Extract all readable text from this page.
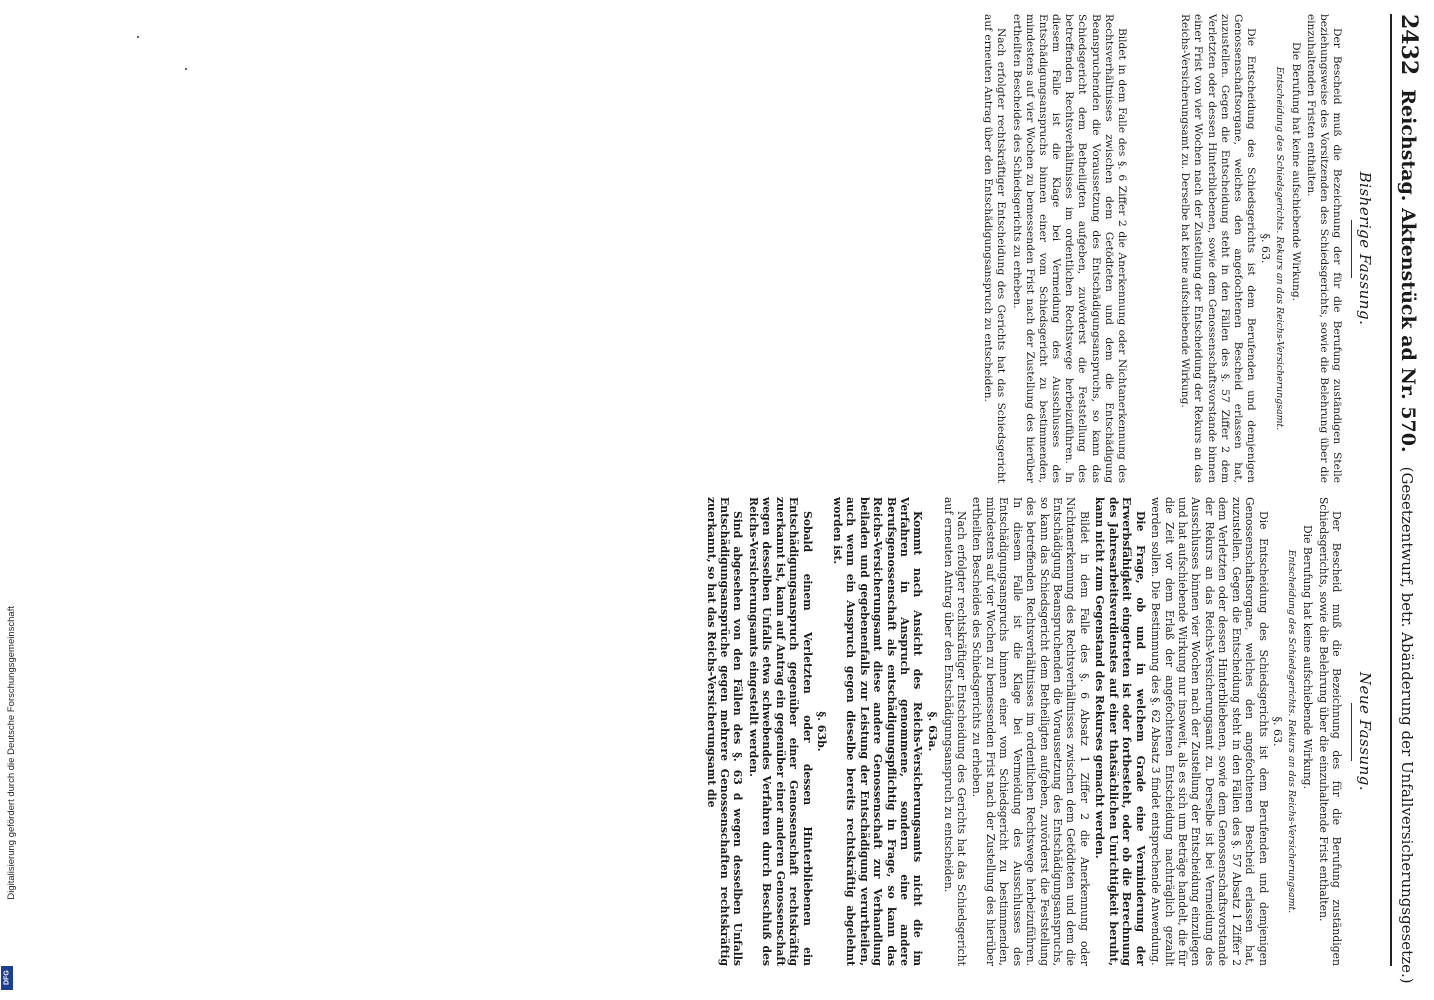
2432
Reichstag. Aktenstück ad Nr. 570.
(Gesetzentwurf, betr. Abänderung der Unfallversicherungsgesetze.)
Bisherige Fassung.

Der Bescheid muß die Bezeichnung der für die Berufung zuständigen Stelle beziehungsweise des Vorsitzenden des Schiedsgerichts, sowie die Belehrung über die einzuhaltenden Fristen enthalten.

Die Berufung hat keine aufschiebende Wirkung.

Entscheidung des Schiedsgerichts. Rekurs an das Reichs-Versicherungsamt.
§. 63.

Die Entscheidung des Schiedsgerichts ist dem Berufenden und demjenigen Genossenschaftsorgane, welches den angefochtenen Bescheid erlassen hat, zuzustellen. Gegen die Entscheidung steht in den Fällen des §. 57 Ziffer 2 dem Verletzten oder dessen Hinterbliebenen, sowie dem Genossenschaftsvorstande binnen einer Frist von vier Wochen nach der Zustellung der Entscheidung der Rekurs an das Reichs-Versicherungsamt zu. Derselbe hat keine aufschiebende Wirkung.

Bildet in dem Falle des §. 6 Ziffer 2 die Anerkennung oder Nichtanerkennung des Rechtsverhältnisses zwischen dem Getödteten und dem die Entschädigung Beanspruchenden die Voraussetzung des Entschädigungsanspruchs, so kann das Schiedsgericht dem Betheiligten aufgeben, zuvörderst die Feststellung des betreffenden Rechtsverhältnisses im ordentlichen Rechtswege herbeizuführen. In diesem Falle ist die Klage bei Vermeidung des Ausschlusses des Entschädigungsanspruchs binnen einer vom Schiedsgericht zu bestimmenden, mindestens auf vier Wochen zu bemessenden Frist nach der Zustellung des hierüber ertheilten Bescheides des Schiedsgerichts zu erheben.

Nach erfolgter rechtskräftiger Entscheidung des Gerichts hat das Schiedsgericht auf erneuten Antrag über den Entschädigungsanspruch zu entscheiden.

Neue Fassung.

Der Bescheid muß die Bezeichnung des für die Berufung zuständigen Schiedsgerichts, sowie die Belehrung über die einzuhaltende Frist enthalten.

Die Berufung hat keine aufschiebende Wirkung.

Entscheidung des Schiedsgerichts. Rekurs an das Reichs-Versicherungsamt.
§. 63.

Die Entscheidung des Schiedsgerichts ist dem Berufenden und demjenigen Genossenschaftsorgane, welches den angefochtenen Bescheid erlassen hat, zuzustellen. Gegen die Entscheidung steht in den Fällen des §. 57 Absatz 1 Ziffer 2 dem Verletzten oder dessen Hinterbliebenen, sowie dem Genossenschaftsvorstande der Rekurs an das Reichs-Versicherungsamt zu. Derselbe ist bei Vermeidung des Ausschlusses binnen vier Wochen nach der Zustellung der Entscheidung einzulegen und hat aufschiebende Wirkung nur insoweit, als es sich um Beträge handelt, die für die Zeit vor dem Erlaß der angefochtenen Entscheidung nachträglich gezahlt werden sollen. Die Bestimmung des §. 62 Absatz 3 findet entsprechende Anwendung.

Die Frage, ob und in welchem Grade eine Verminderung der Erwerbsfähigkeit eingetreten ist oder fortbesteht, oder ob die Berechnung des Jahresarbeitsverdienstes auf einer thatsächlichen Unrichtigkeit beruht, kann nicht zum Gegenstand des Rekurses gemacht werden.

Bildet in dem Falle des §. 6 Absatz 1 Ziffer 2 die Anerkennung oder Nichtanerkennung des Rechtsverhältnisses zwischen dem Getödteten und dem die Entschädigung Beanspruchenden die Voraussetzung des Entschädigungsanspruchs, so kann das Schiedsgericht dem Betheiligten aufgeben, zuvörderst die Feststellung des betreffenden Rechtsverhältnisses im ordentlichen Rechtswege herbeizuführen. In diesem Falle ist die Klage bei Vermeidung des Ausschlusses des Entschädigungsanspruchs binnen einer vom Schiedsgericht zu bestimmenden, mindestens auf vier Wochen zu bemessenden Frist nach der Zustellung des hierüber ertheilten Bescheides des Schiedsgerichts zu erheben.

Nach erfolgter rechtskräftiger Entscheidung des Gerichts hat das Schiedsgericht auf erneuten Antrag über den Entschädigungsanspruch zu entscheiden.

§. 63a.

Kommt nach Ansicht des Reichs-Versicherungsamts nicht die im Verfahren in Anspruch genommene, sondern eine andere Berufsgenossenschaft als entschädigungspflichtig in Frage, so kann das Reichs-Versicherungsamt diese andere Genossenschaft zur Verhandlung beiladen und gegebenenfalls zur Leistung der Entschädigung verurtheilen, auch wenn ein Anspruch gegen dieselbe bereits rechtskräftig abgelehnt worden ist.

§. 63b.

Sobald einem Verletzten oder dessen Hinterbliebenen ein Entschädigungsanspruch gegenüber einer Genossenschaft rechtskräftig zuerkannt ist, kann auf Antrag ein gegenüber einer anderen Genossenschaft wegen desselben Unfalls etwa schwebendes Verfahren durch Beschluß des Reichs-Versicherungsamts eingestellt werden.

Sind abgesehen von den Fällen des §. 63 d wegen desselben Unfalls Entschädigungsansprüche gegen mehrere Genossenschaften rechtskräftig zuerkannt, so hat das Reichs-Versicherungsamt die

Digitalisierung gefördert durch die Deutsche Forschungsgemeinschaft
DFG
